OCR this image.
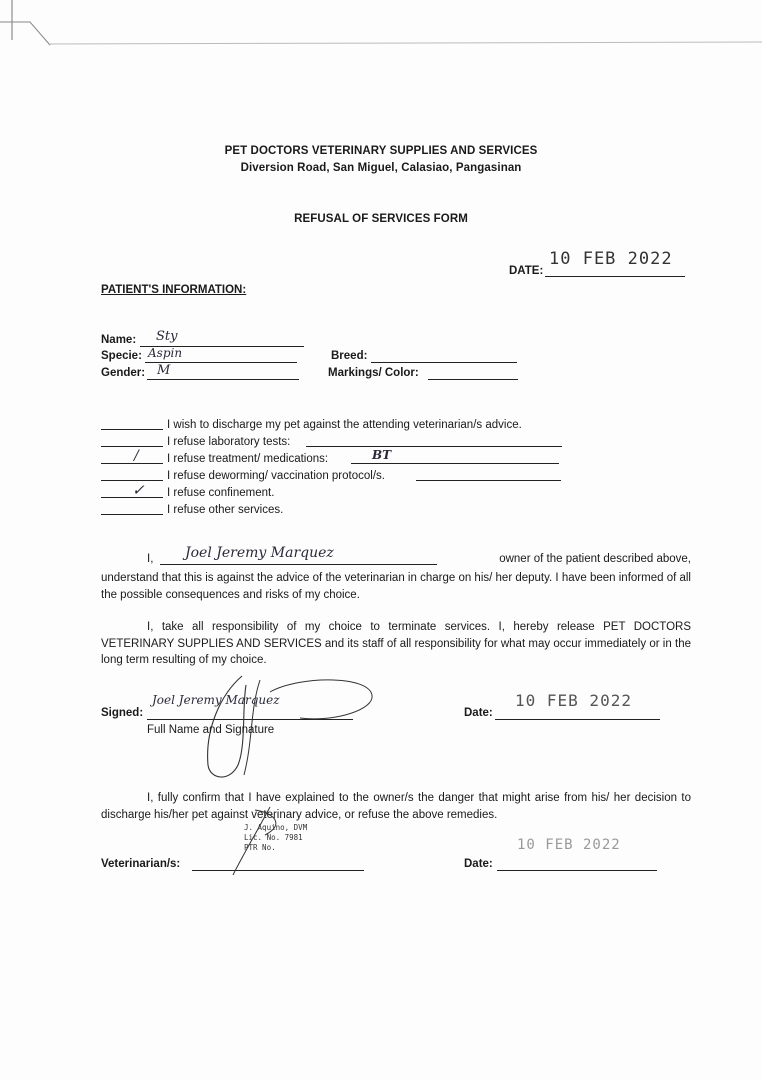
PET DOCTORS VETERINARY SUPPLIES AND SERVICES
Diversion Road, San Miguel, Calasiao, Pangasinan
REFUSAL OF SERVICES FORM
DATE:
10 FEB 2022
PATIENT'S INFORMATION:
Name: Sty
Specie: Aspin
Gender: M
Breed:
Markings/ Color:
I wish to discharge my pet against the attending veterinarian/s advice.
I refuse laboratory tests:
/ I refuse treatment/ medications:	BT
I refuse deworming/ vaccination protocol/s.
✓ I refuse confinement.
I refuse other services.
I, Joel Jeremy Marquez	owner of the patient described above,
understand that this is against the advice of the veterinarian in charge on his/ her deputy. I have been informed of all the possible consequences and risks of my choice.
I, take all responsibility of my choice to terminate services. I, hereby release PET DOCTORS VETERINARY SUPPLIES AND SERVICES and its staff of all responsibility for what may occur immediately or in the long term resulting of my choice.
Signed:
Joel Jeremy Marquez
Full Name and Signature
Date:
10 FEB 2022
I, fully confirm that I have explained to the owner/s the danger that might arise from his/ her decision to discharge his/her pet against veterinary advice, or refuse the above remedies.
Veterinarian/s:
J. Aquino, DVM
Lic. No. 7981
PTR No.
Date:
10 FEB 2022
